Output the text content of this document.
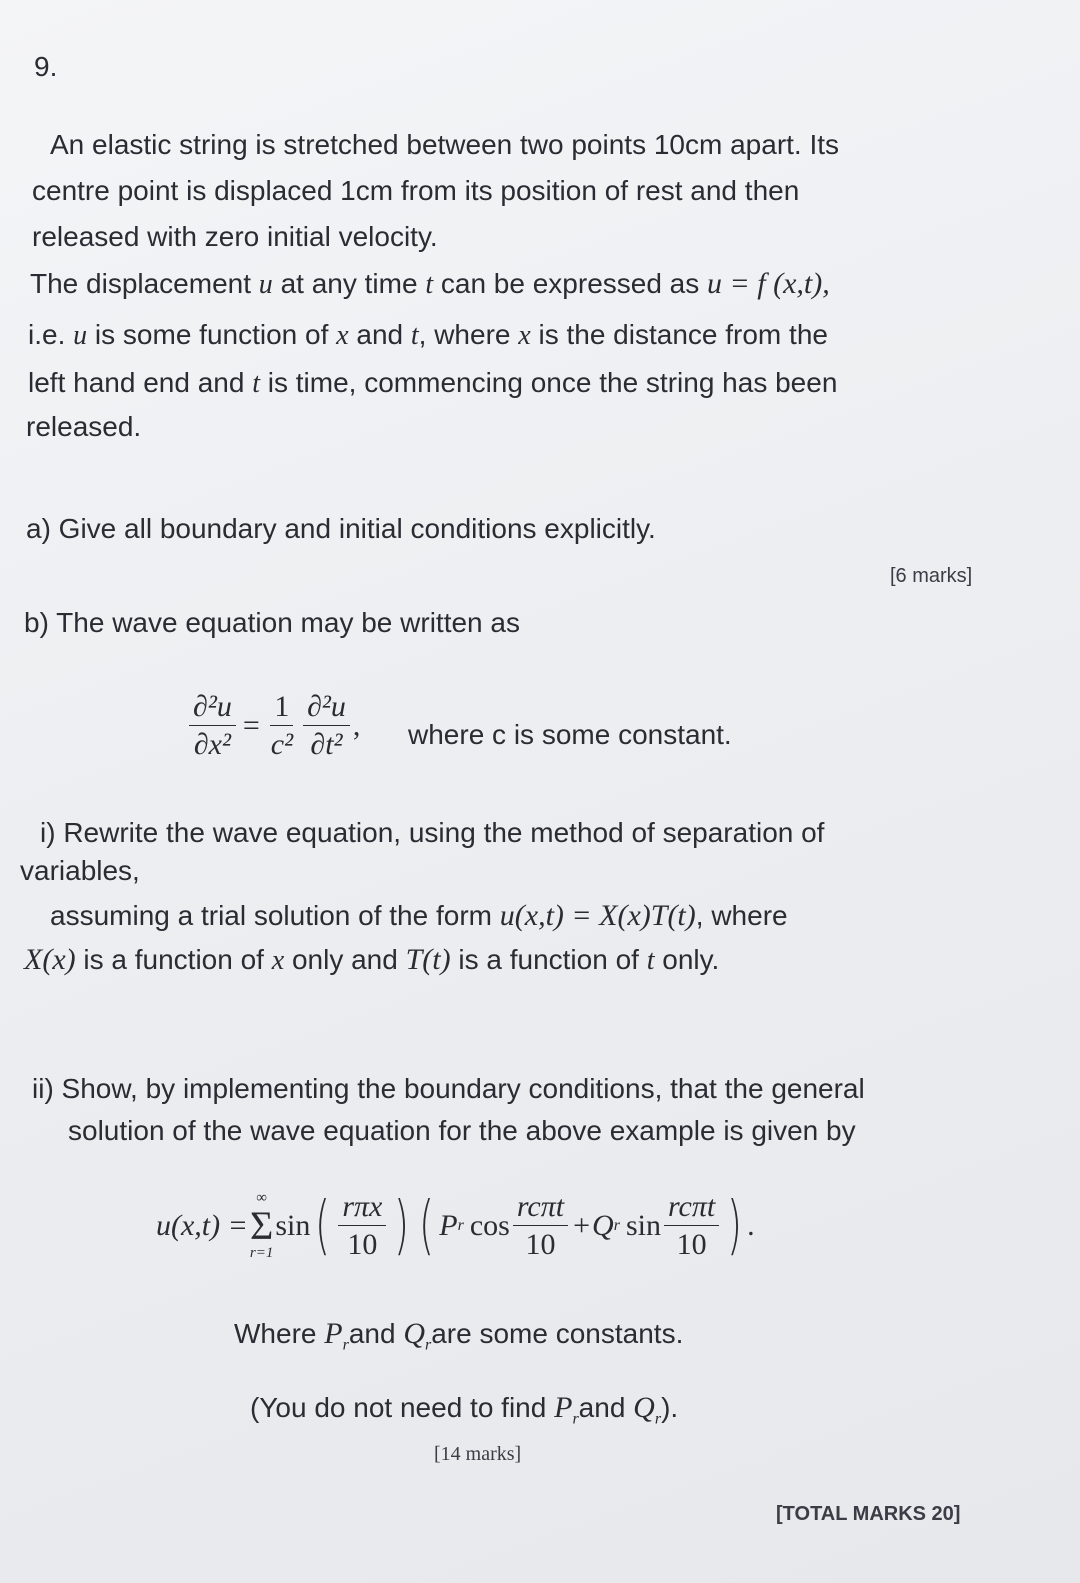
9.
An elastic string is stretched between two points 10cm apart. Its
centre point is displaced 1cm from its position of rest and then
released with zero initial velocity.
The displacement u at any time t can be expressed as u = f (x,t),
i.e. u is some function of x and t, where x is the distance from the
left hand end and t is time, commencing once the string has been
released.
a) Give all boundary and initial conditions explicitly.
[6 marks]
b) The wave equation may be written as
$\frac{\text{∂²u}}{\text{∂x²}} = \frac{1}{\text{c²}} \frac{\text{∂²u}}{\text{∂t²}}$ , where c is some constant.
i) Rewrite the wave equation, using the method of separation of
variables,
assuming a trial solution of the form u(x,t) = X(x)T(t), where
X(x) is a function of x only and T(t) is a function of t only.
ii) Show, by implementing the boundary conditions, that the general
solution of the wave equation for the above example is given by
u(x,t) =
∞
Σ
r=1
sin ( $\frac{\text{rπx}}{10}$ ) ( P r $\cos \frac{\text{rcπt}}{10} + Q$ r $\sin \frac{\text{rcπt}}{10}$ ) .
Where $P_rand$ $Q_rare$ some constants.
(You do not need to find $P_rand$ $Q_r$).
[14 marks]
[TOTAL MARKS 20]
